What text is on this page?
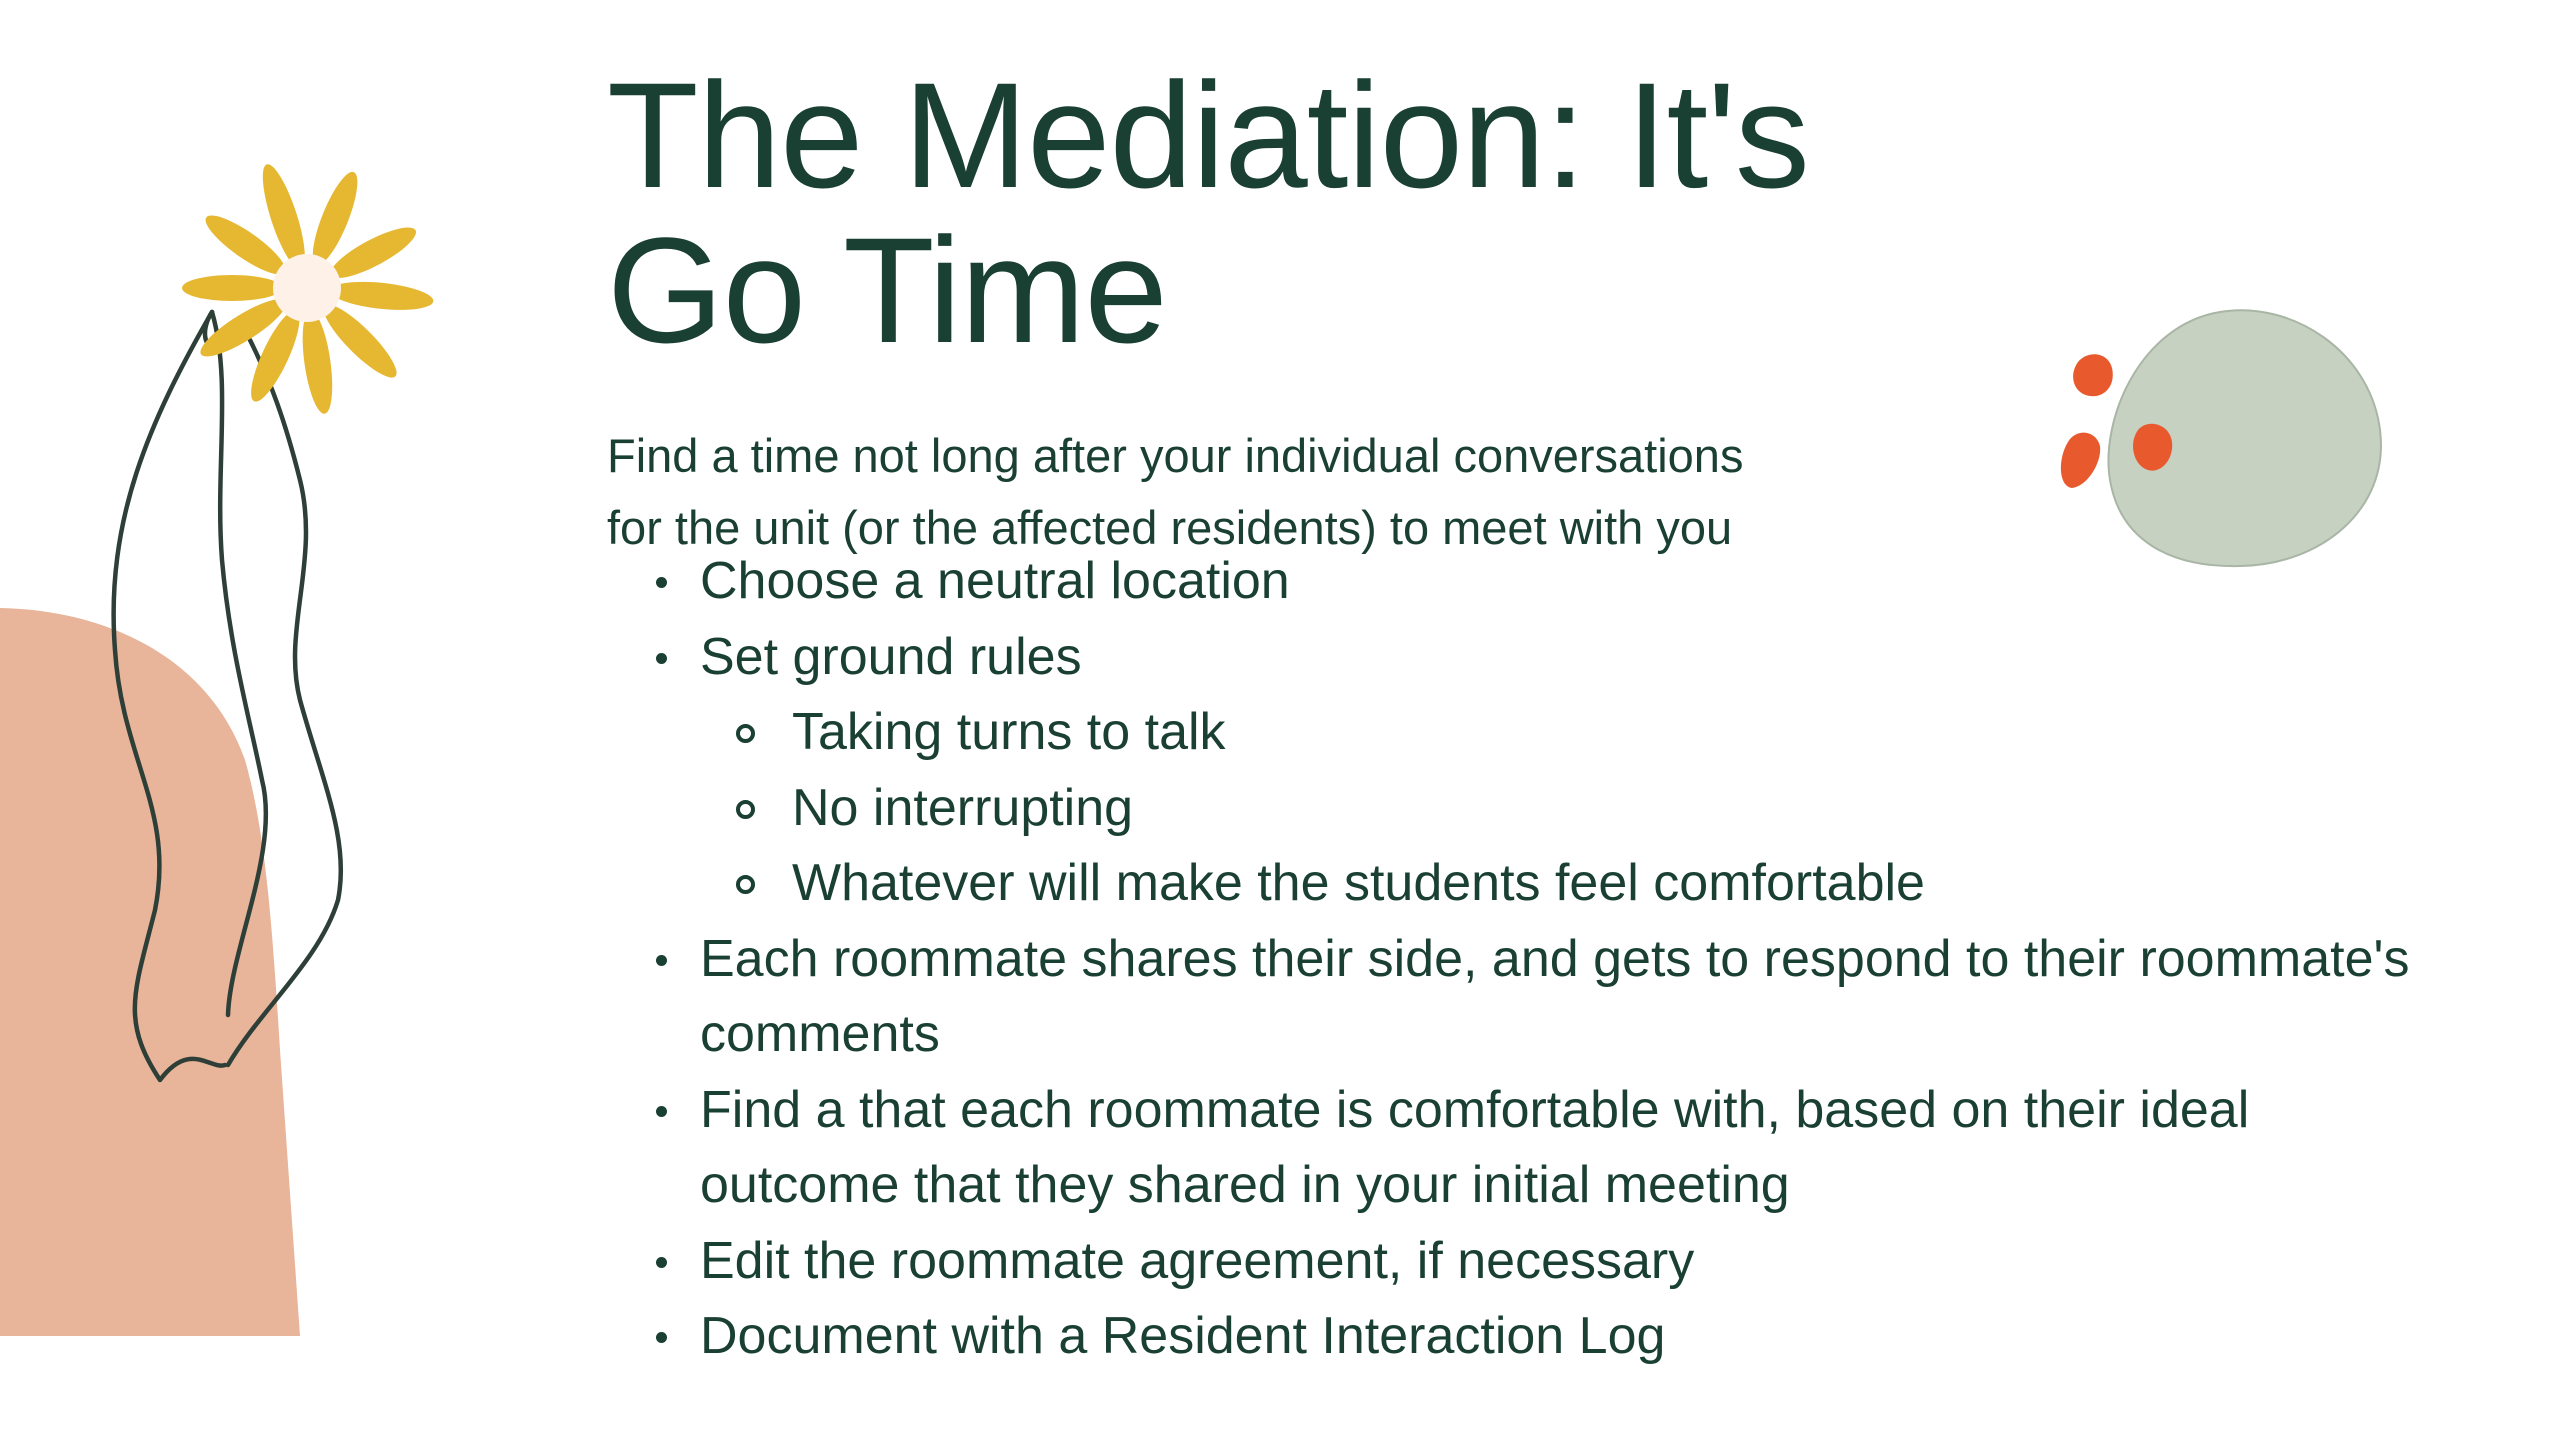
The Mediation: It's Go Time
Find a time not long after your individual conversations
for the unit (or the affected residents) to meet with you
Choose a neutral location
Set ground rules
Taking turns to talk
No interrupting
Whatever will make the students feel comfortable
Each roommate shares their side, and gets to respond to their roommate's comments
Find a that each roommate is comfortable with, based on their ideal outcome that they shared in your initial meeting
Edit the roommate agreement, if necessary
Document with a Resident Interaction Log
